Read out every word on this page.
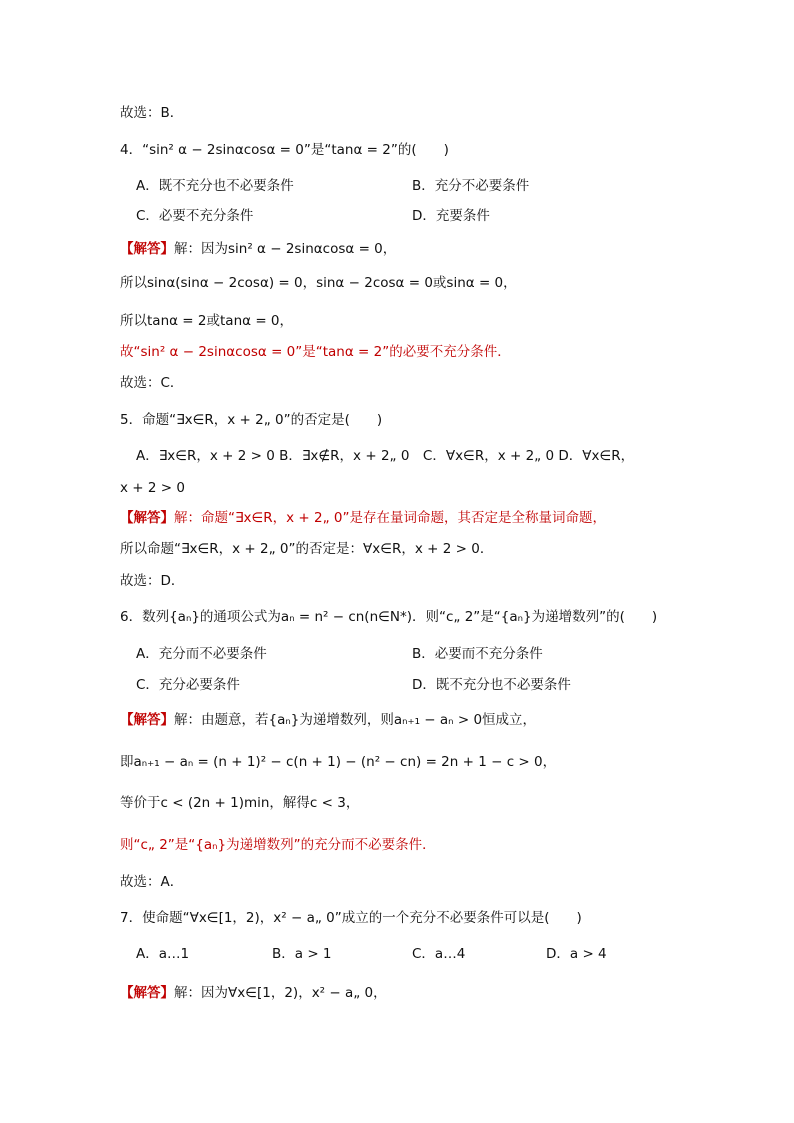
故选：B．
4．“sin² α − 2sinαcosα = 0”是“tanα = 2”的(　　)
A．既不充分也不必要条件	B．充分不必要条件
C．必要不充分条件	D．充要条件
【解答】解：因为sin² α − 2sinαcosα = 0，
所以sinα(sinα − 2cosα) = 0，sinα − 2cosα = 0或sinα = 0，
所以tanα = 2或tanα = 0，
故“sin² α − 2sinαcosα = 0”是“tanα = 2”的必要不充分条件．
故选：C．
5．命题“∃x∈R，x + 2„ 0”的否定是(　　)
A．∃x∈R，x + 2 > 0 B．∃x∉R，x + 2„ 0　C．∀x∈R，x + 2„ 0 D．∀x∈R，
x + 2 > 0
【解答】解：命题“∃x∈R，x + 2„ 0”是存在量词命题，其否定是全称量词命题，
所以命题“∃x∈R，x + 2„ 0”的否定是：∀x∈R，x + 2 > 0．
故选：D．
6．数列{aₙ}的通项公式为aₙ = n² − cn(n∈N*)．则“c„ 2”是“{aₙ}为递增数列”的(　　)
A．充分而不必要条件	B．必要而不充分条件
C．充分必要条件	D．既不充分也不必要条件
【解答】解：由题意，若{aₙ}为递增数列，则aₙ₊₁ − aₙ > 0恒成立，
即aₙ₊₁ − aₙ = (n + 1)² − c(n + 1) − (n² − cn) = 2n + 1 − c > 0，
等价于c < (2n + 1)min，解得c < 3，
则“c„ 2”是“{aₙ}为递增数列”的充分而不必要条件．
故选：A．
7．使命题“∀x∈[1，2)，x² − a„ 0”成立的一个充分不必要条件可以是(　　)
A．a…1	B．a > 1	C．a…4	D．a > 4
【解答】解：因为∀x∈[1，2)，x² − a„ 0，
